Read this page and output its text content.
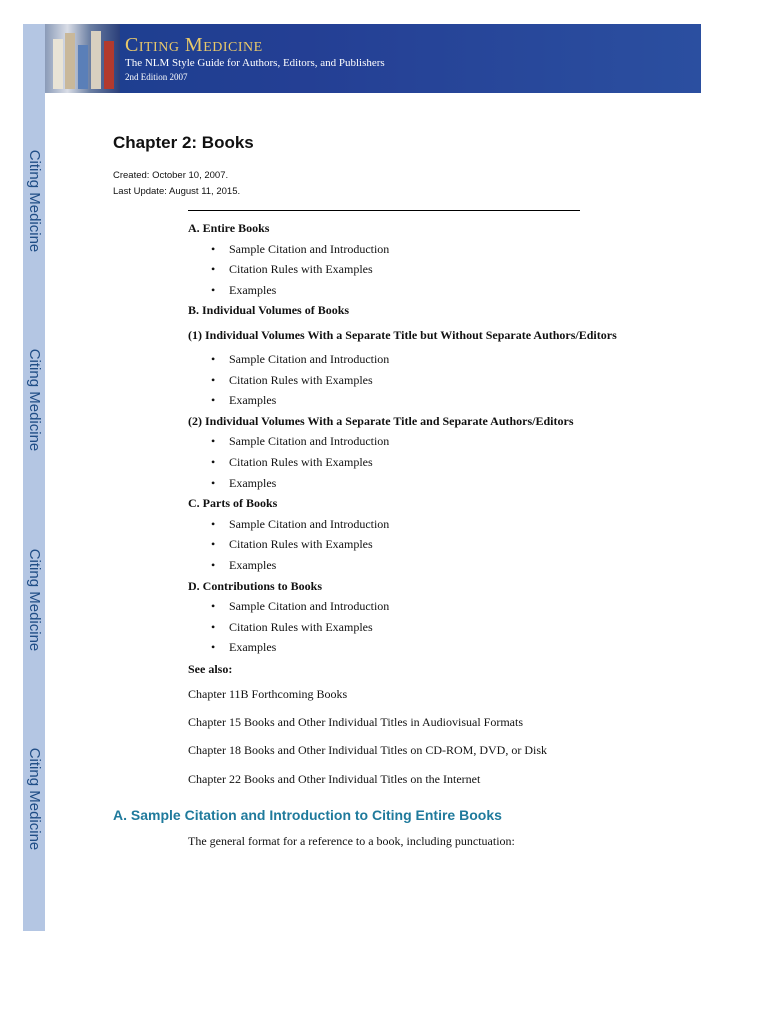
Citing Medicine
Citing Medicine
Citing Medicine
Citing Medicine
Citing Medicine
The NLM Style Guide for Authors, Editors, and Publishers
2nd Edition 2007
Chapter 2: Books
Created: October 10, 2007.
Last Update: August 11, 2015.
A. Entire Books
• Sample Citation and Introduction
• Citation Rules with Examples
• Examples
B. Individual Volumes of Books
(1) Individual Volumes With a Separate Title but Without Separate Authors/Editors
• Sample Citation and Introduction
• Citation Rules with Examples
• Examples
(2) Individual Volumes With a Separate Title and Separate Authors/Editors
• Sample Citation and Introduction
• Citation Rules with Examples
• Examples
C. Parts of Books
• Sample Citation and Introduction
• Citation Rules with Examples
• Examples
D. Contributions to Books
• Sample Citation and Introduction
• Citation Rules with Examples
• Examples
See also:
Chapter 11B Forthcoming Books
Chapter 15 Books and Other Individual Titles in Audiovisual Formats
Chapter 18 Books and Other Individual Titles on CD-ROM, DVD, or Disk
Chapter 22 Books and Other Individual Titles on the Internet
A. Sample Citation and Introduction to Citing Entire Books
The general format for a reference to a book, including punctuation:
